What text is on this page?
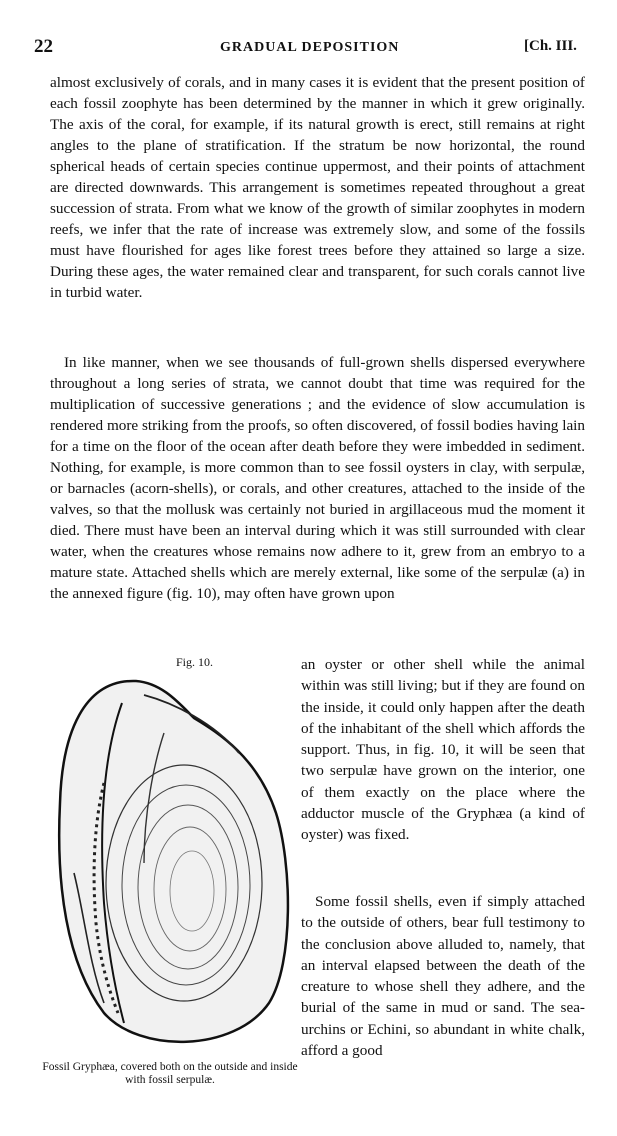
22	GRADUAL DEPOSITION	[Ch. III.

almost exclusively of corals, and in many cases it is evident that the present position of each fossil zoophyte has been determined by the manner in which it grew originally. The axis of the coral, for example, if its natural growth is erect, still remains at right angles to the plane of stratification. If the stratum be now horizontal, the round spherical heads of certain species continue uppermost, and their points of attachment are directed downwards. This arrangement is sometimes repeated throughout a great succession of strata. From what we know of the growth of similar zoophytes in modern reefs, we infer that the rate of increase was extremely slow, and some of the fossils must have flourished for ages like forest trees before they attained so large a size. During these ages, the water remained clear and transparent, for such corals cannot live in turbid water.

In like manner, when we see thousands of full-grown shells dispersed everywhere throughout a long series of strata, we cannot doubt that time was required for the multiplication of successive generations ; and the evidence of slow accumulation is rendered more striking from the proofs, so often discovered, of fossil bodies having lain for a time on the floor of the ocean after death before they were imbedded in sediment. Nothing, for example, is more common than to see fossil oysters in clay, with serpulæ, or barnacles (acorn-shells), or corals, and other creatures, attached to the inside of the valves, so that the mollusk was certainly not buried in argillaceous mud the moment it died. There must have been an interval during which it was still surrounded with clear water, when the creatures whose remains now adhere to it, grew from an embryo to a mature state. Attached shells which are merely external, like some of the serpulæ (a) in the annexed figure (fig. 10), may often have grown upon

Fig. 10.
Fossil Gryphæa, covered both on the outside and inside with fossil serpulæ.

an oyster or other shell while the animal within was still living; but if they are found on the inside, it could only happen after the death of the inhabitant of the shell which affords the support. Thus, in fig. 10, it will be seen that two serpulæ have grown on the interior, one of them exactly on the place where the adductor muscle of the Gryphæa (a kind of oyster) was fixed.

Some fossil shells, even if simply attached to the outside of others, bear full testimony to the conclusion above alluded to, namely, that an interval elapsed between the death of the creature to whose shell they adhere, and the burial of the same in mud or sand. The sea-urchins or Echini, so abundant in white chalk, afford a good
